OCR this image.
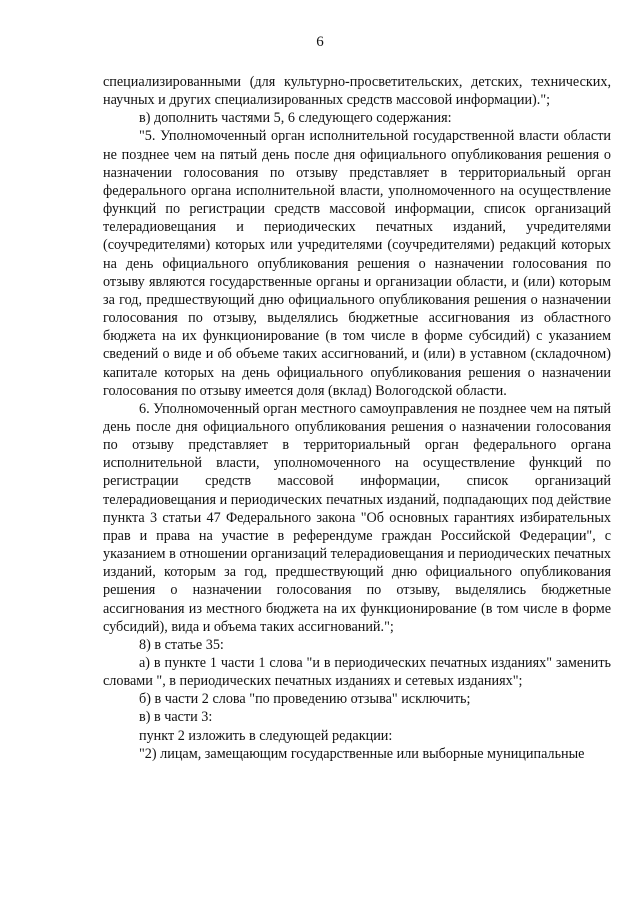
6

специализированными (для культурно-просветительских, детских, технических, научных и других специализированных средств массовой информации).";

в) дополнить частями 5, 6 следующего содержания:

"5. Уполномоченный орган исполнительной государственной власти области не позднее чем на пятый день после дня официального опубликования решения о назначении голосования по отзыву представляет в территориальный орган федерального органа исполнительной власти, уполномоченного на осуществление функций по регистрации средств массовой информации, список организаций телерадиовещания и периодических печатных изданий, учредителями (соучредителями) которых или учредителями (соучредителями) редакций которых на день официального опубликования решения о назначении голосования по отзыву являются государственные органы и организации области, и (или) которым за год, предшествующий дню официального опубликования решения о назначении голосования по отзыву, выделялись бюджетные ассигнования из областного бюджета на их функционирование (в том числе в форме субсидий) с указанием сведений о виде и об объеме таких ассигнований, и (или) в уставном (складочном) капитале которых на день официального опубликования решения о назначении голосования по отзыву имеется доля (вклад) Вологодской области.

6. Уполномоченный орган местного самоуправления не позднее чем на пятый день после дня официального опубликования решения о назначении голосования по отзыву представляет в территориальный орган федерального органа исполнительной власти, уполномоченного на осуществление функций по регистрации средств массовой информации, список организаций телерадиовещания и периодических печатных изданий, подпадающих под действие пункта 3 статьи 47 Федерального закона "Об основных гарантиях избирательных прав и права на участие в референдуме граждан Российской Федерации", с указанием в отношении организаций телерадиовещания и периодических печатных изданий, которым за год, предшествующий дню официального опубликования решения о назначении голосования по отзыву, выделялись бюджетные ассигнования из местного бюджета на их функционирование (в том числе в форме субсидий), вида и объема таких ассигнований.";

8) в статье 35:

а) в пункте 1 части 1 слова "и в периодических печатных изданиях" заменить словами ", в периодических печатных изданиях и сетевых изданиях";

б) в части 2 слова "по проведению отзыва" исключить;

в) в части 3:

пункт 2 изложить в следующей редакции:

"2) лицам, замещающим государственные или выборные муниципальные
